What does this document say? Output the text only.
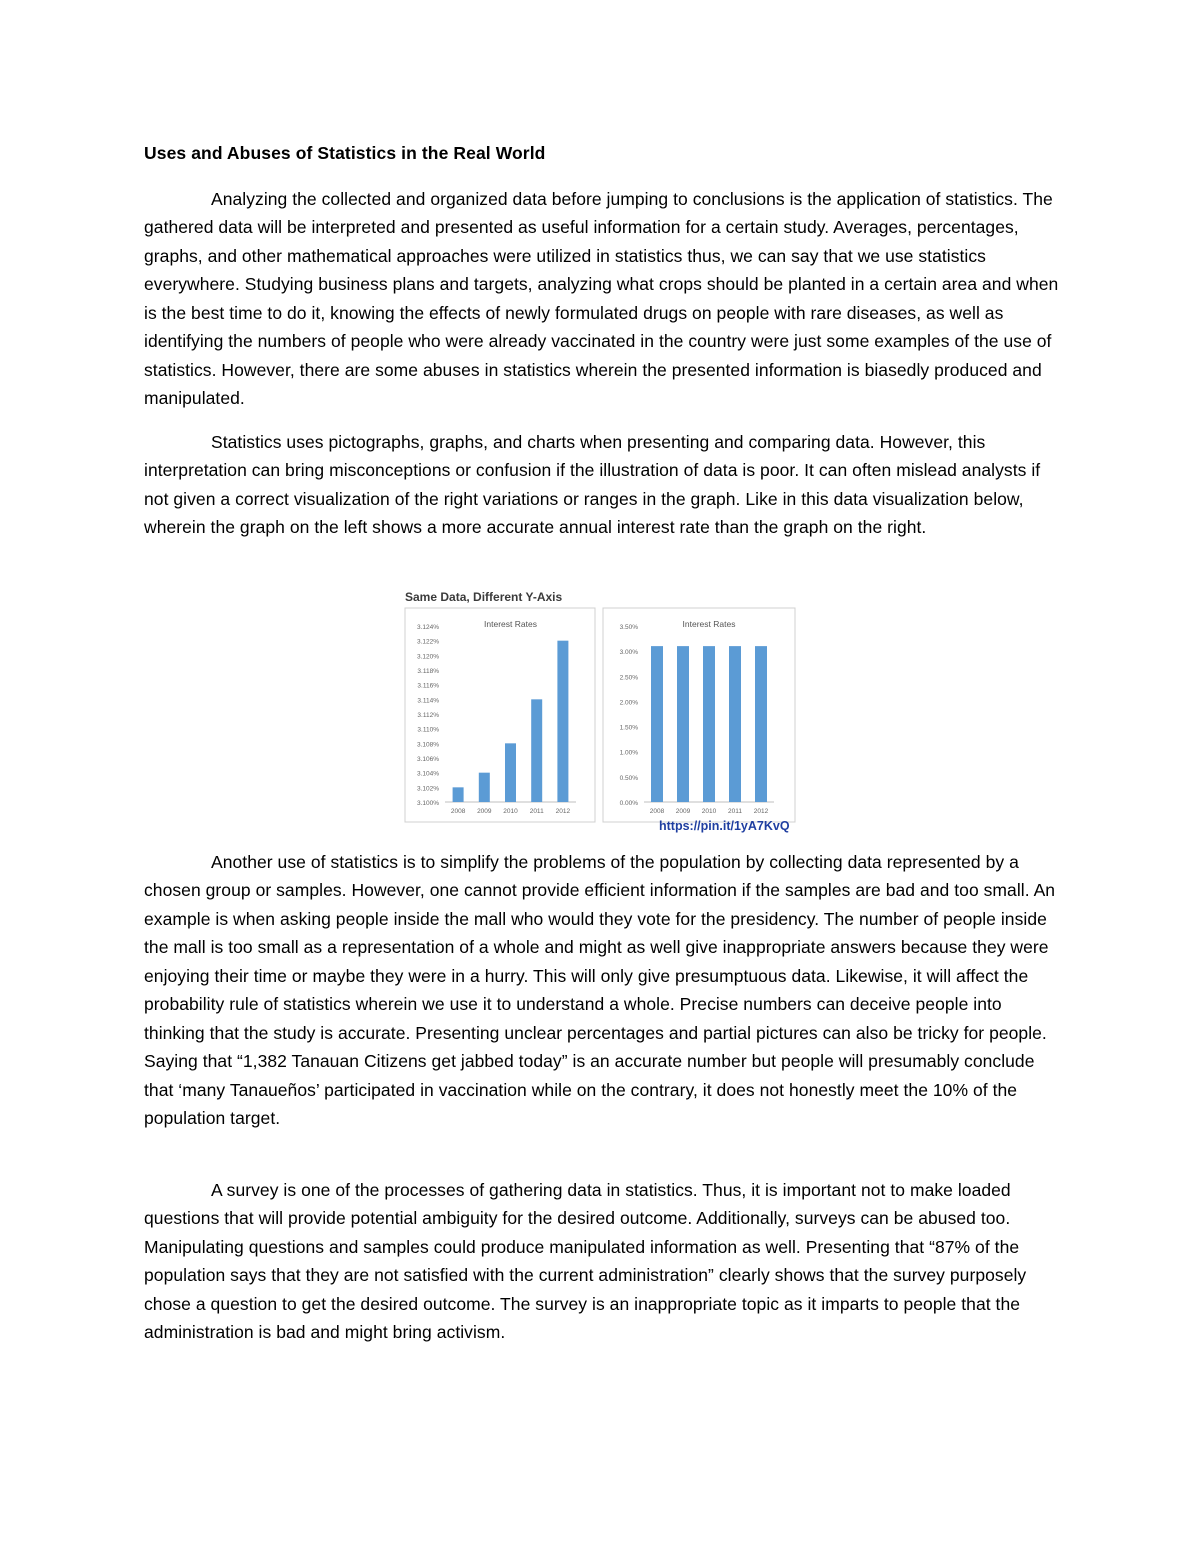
Uses and Abuses of Statistics in the Real World

Analyzing the collected and organized data before jumping to conclusions is the application of statistics. The gathered data will be interpreted and presented as useful information for a certain study. Averages, percentages, graphs, and other mathematical approaches were utilized in statistics thus, we can say that we use statistics everywhere. Studying business plans and targets, analyzing what crops should be planted in a certain area and when is the best time to do it, knowing the effects of newly formulated drugs on people with rare diseases, as well as identifying the numbers of people who were already vaccinated in the country were just some examples of the use of statistics. However, there are some abuses in statistics wherein the presented information is biasedly produced and manipulated.

Statistics uses pictographs, graphs, and charts when presenting and comparing data. However, this interpretation can bring misconceptions or confusion if the illustration of data is poor. It can often mislead analysts if not given a correct visualization of the right variations or ranges in the graph. Like in this data visualization below, wherein the graph on the left shows a more accurate annual interest rate than the graph on the right.

Same Data, Different Y-Axis
Interest Rates
3.100%
3.102%
3.104%
3.106%
3.108%
3.110%
3.112%
3.114%
3.116%
3.118%
3.120%
3.122%
3.124%
2008 2009 2010 2011 2012
Interest Rates
0.00%
0.50%
1.00%
1.50%
2.00%
2.50%
3.00%
3.50%
2008 2009 2010 2011 2012
https://pin.it/1yA7KvQ

Another use of statistics is to simplify the problems of the population by collecting data represented by a chosen group or samples. However, one cannot provide efficient information if the samples are bad and too small. An example is when asking people inside the mall who would they vote for the presidency. The number of people inside the mall is too small as a representation of a whole and might as well give inappropriate answers because they were enjoying their time or maybe they were in a hurry. This will only give presumptuous data. Likewise, it will affect the probability rule of statistics wherein we use it to understand a whole. Precise numbers can deceive people into thinking that the study is accurate. Presenting unclear percentages and partial pictures can also be tricky for people. Saying that “1,382 Tanauan Citizens get jabbed today” is an accurate number but people will presumably conclude that ‘many Tanaueños’ participated in vaccination while on the contrary, it does not honestly meet the 10% of the population target.

A survey is one of the processes of gathering data in statistics. Thus, it is important not to make loaded questions that will provide potential ambiguity for the desired outcome. Additionally, surveys can be abused too. Manipulating questions and samples could produce manipulated information as well. Presenting that “87% of the population says that they are not satisfied with the current administration” clearly shows that the survey purposely chose a question to get the desired outcome. The survey is an inappropriate topic as it imparts to people that the administration is bad and might bring activism.
